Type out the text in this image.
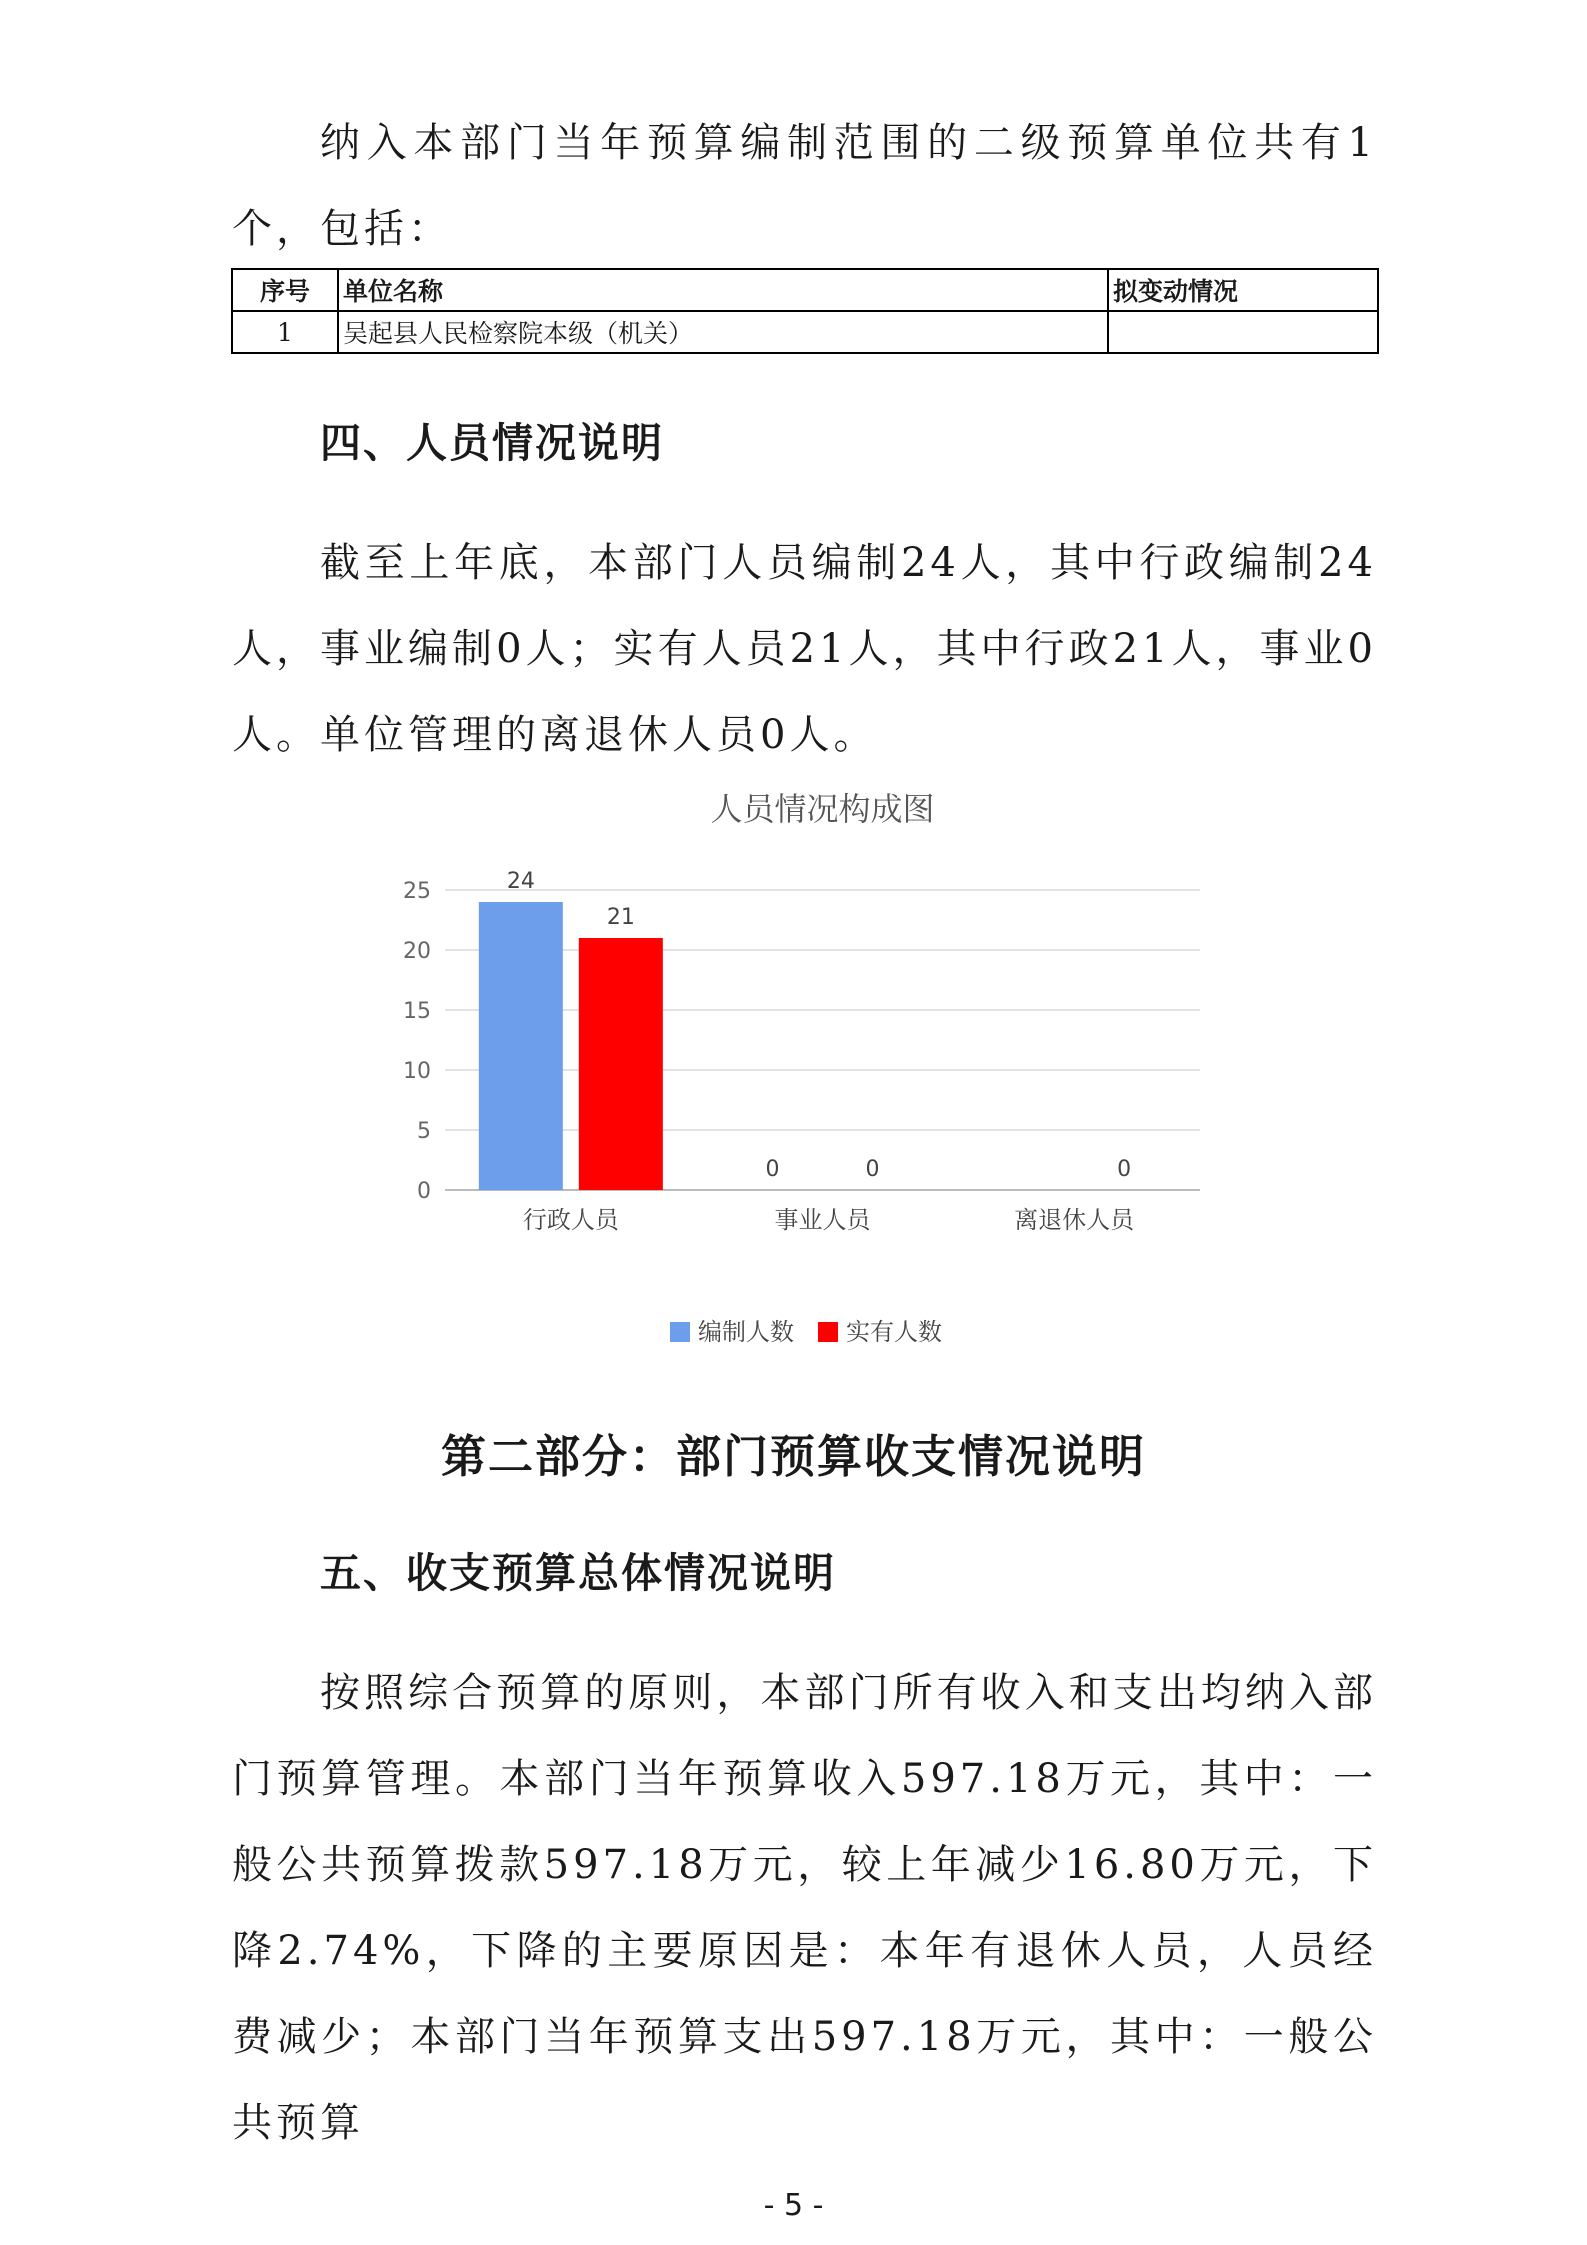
纳入本部门当年预算编制范围的二级预算单位共有1个，包括：

序号	单位名称	拟变动情况
1	吴起县人民检察院本级（机关）	
四、人员情况说明

截至上年底，本部门人员编制24人，其中行政编制24人，事业编制0人；实有人员21人，其中行政21人，事业0人。单位管理的离退休人员0人。

人员情况构成图
0
5
10
15
20
25	24
21
行政人员
0	0
事业人员
0
离退休人员
编制人数 实有人数
第二部分：部门预算收支情况说明
五、收支预算总体情况说明

按照综合预算的原则，本部门所有收入和支出均纳入部门预算管理。本部门当年预算收入597.18万元，其中：一般公共预算拨款597.18万元，较上年减少16.80万元，下降2.74%，下降的主要原因是：本年有退休人员，人员经费减少；本部门当年预算支出597.18万元，其中：一般公共预算

- 5 -
